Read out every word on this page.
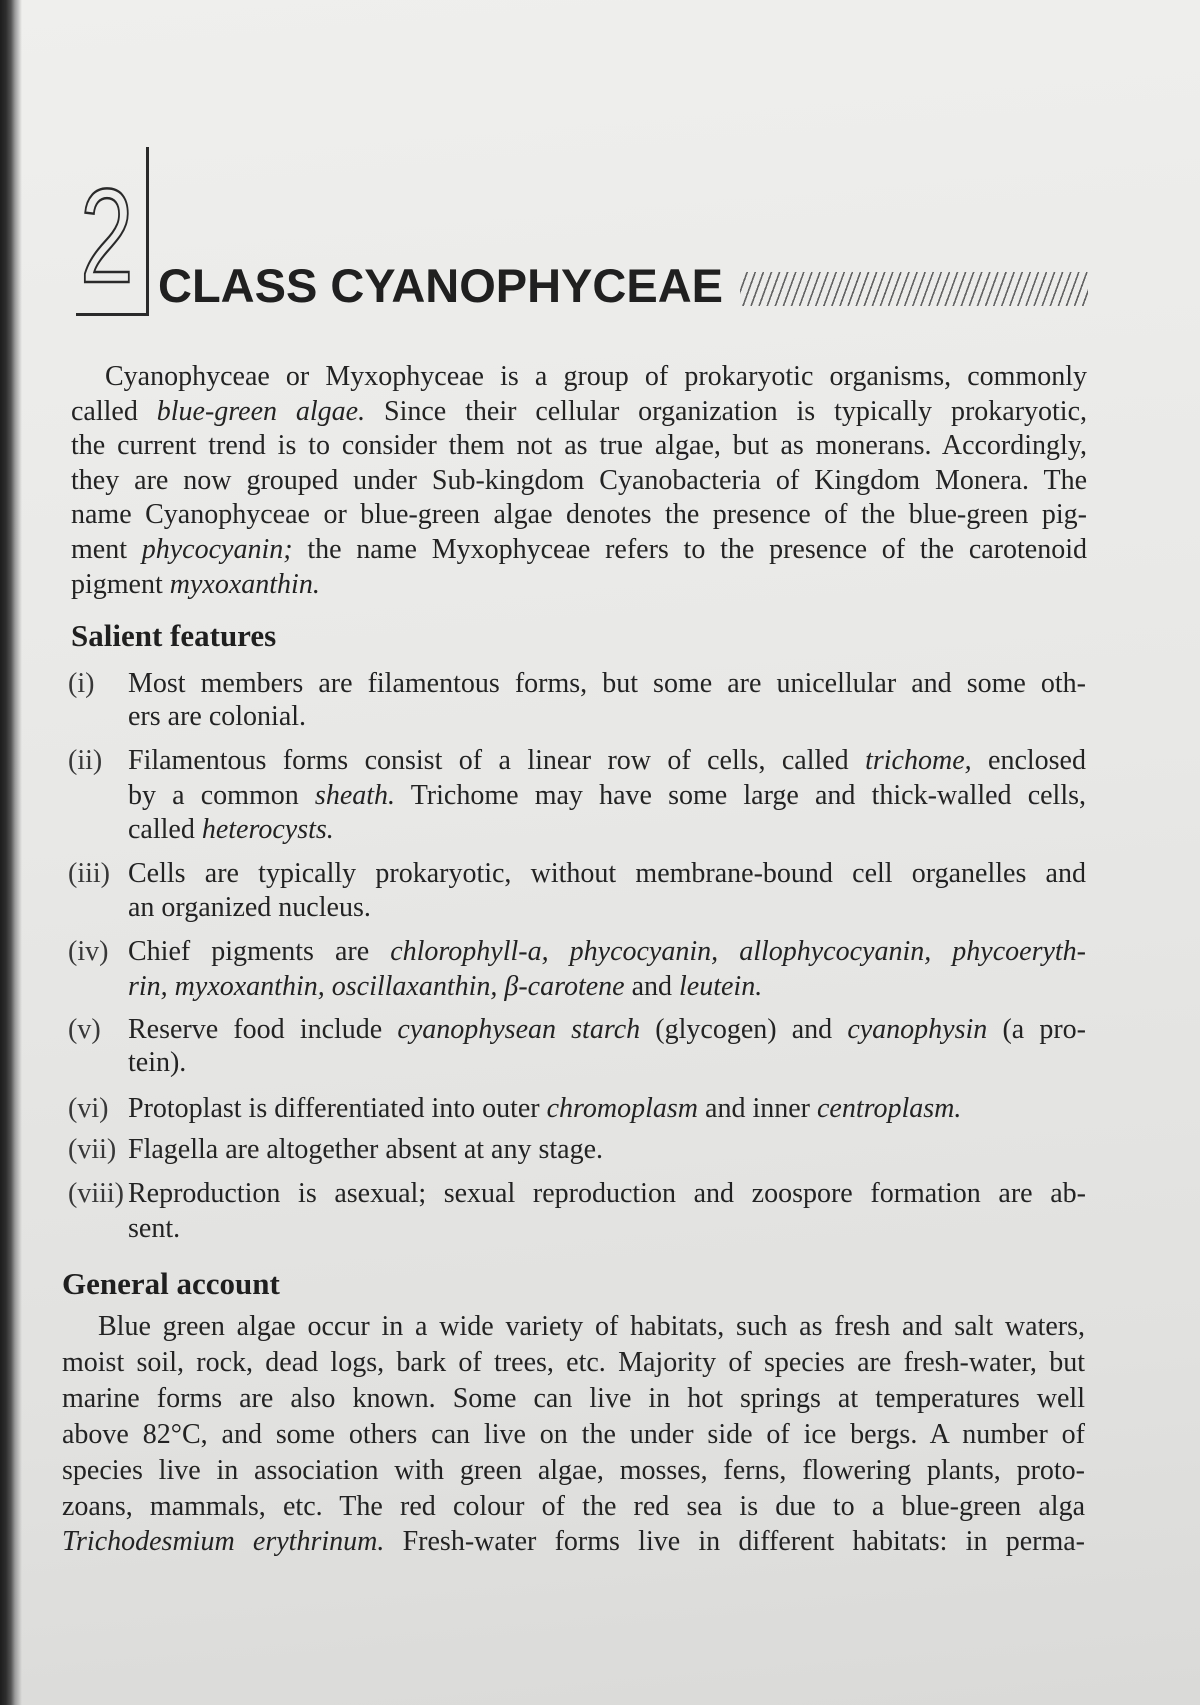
2 CLASS CYANOPHYCEAE
Cyanophyceae or Myxophyceae is a group of prokaryotic organisms, commonly
called blue-green algae. Since their cellular organization is typically prokaryotic,
the current trend is to consider them not as true algae, but as monerans. Accordingly,
they are now grouped under Sub-kingdom Cyanobacteria of Kingdom Monera. The
name Cyanophyceae or blue-green algae denotes the presence of the blue-green pig-
ment phycocyanin; the name Myxophyceae refers to the presence of the carotenoid
pigment myxoxanthin.
Salient features
(i) Most members are filamentous forms, but some are unicellular and some oth-
ers are colonial.
(ii) Filamentous forms consist of a linear row of cells, called trichome, enclosed
by a common sheath. Trichome may have some large and thick-walled cells,
called heterocysts.
(iii) Cells are typically prokaryotic, without membrane-bound cell organelles and
an organized nucleus.
(iv) Chief pigments are chlorophyll-a, phycocyanin, allophycocyanin, phycoeryth-
rin, myxoxanthin, oscillaxanthin, β-carotene and leutein.
(v) Reserve food include cyanophysean starch (glycogen) and cyanophysin (a pro-
tein).
(vi) Protoplast is differentiated into outer chromoplasm and inner centroplasm.
(vii) Flagella are altogether absent at any stage.
(viii) Reproduction is asexual; sexual reproduction and zoospore formation are ab-
sent.
General account
Blue green algae occur in a wide variety of habitats, such as fresh and salt waters,
moist soil, rock, dead logs, bark of trees, etc. Majority of species are fresh-water, but
marine forms are also known. Some can live in hot springs at temperatures well
above 82°C, and some others can live on the under side of ice bergs. A number of
species live in association with green algae, mosses, ferns, flowering plants, proto-
zoans, mammals, etc. The red colour of the red sea is due to a blue-green alga
Trichodesmium erythrinum. Fresh-water forms live in different habitats: in perma-
